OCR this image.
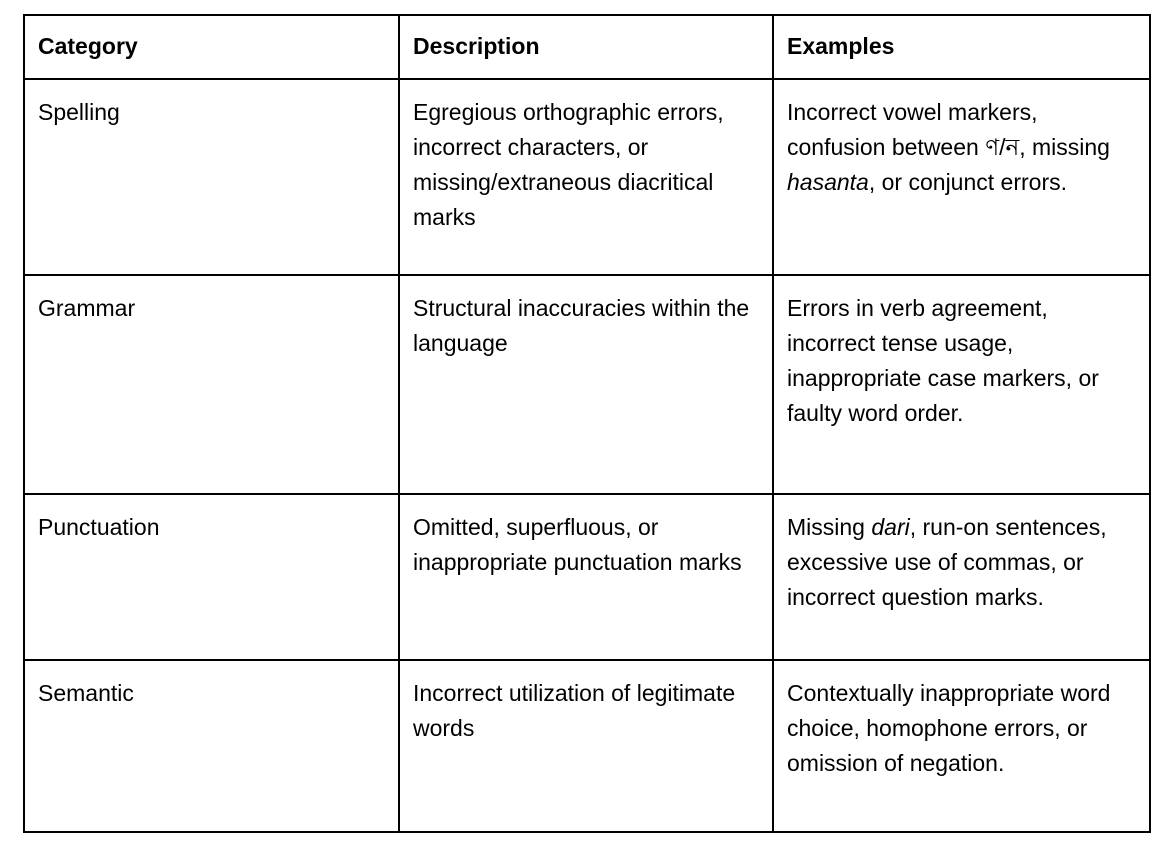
Category	Description	Examples
Spelling	Egregious orthographic errors, incorrect characters, or missing/extraneous diacritical marks	Incorrect vowel markers, confusion between ণ/ন, missing hasanta, or conjunct errors.
Grammar	Structural inaccuracies within the language	Errors in verb agreement, incorrect tense usage, inappropriate case markers, or faulty word order.
Punctuation	Omitted, superfluous, or inappropriate punctuation marks	Missing dari, run-on sentences, excessive use of commas, or incorrect question marks.
Semantic	Incorrect utilization of legitimate words	Contextually inappropriate word choice, homophone errors, or omission of negation.
